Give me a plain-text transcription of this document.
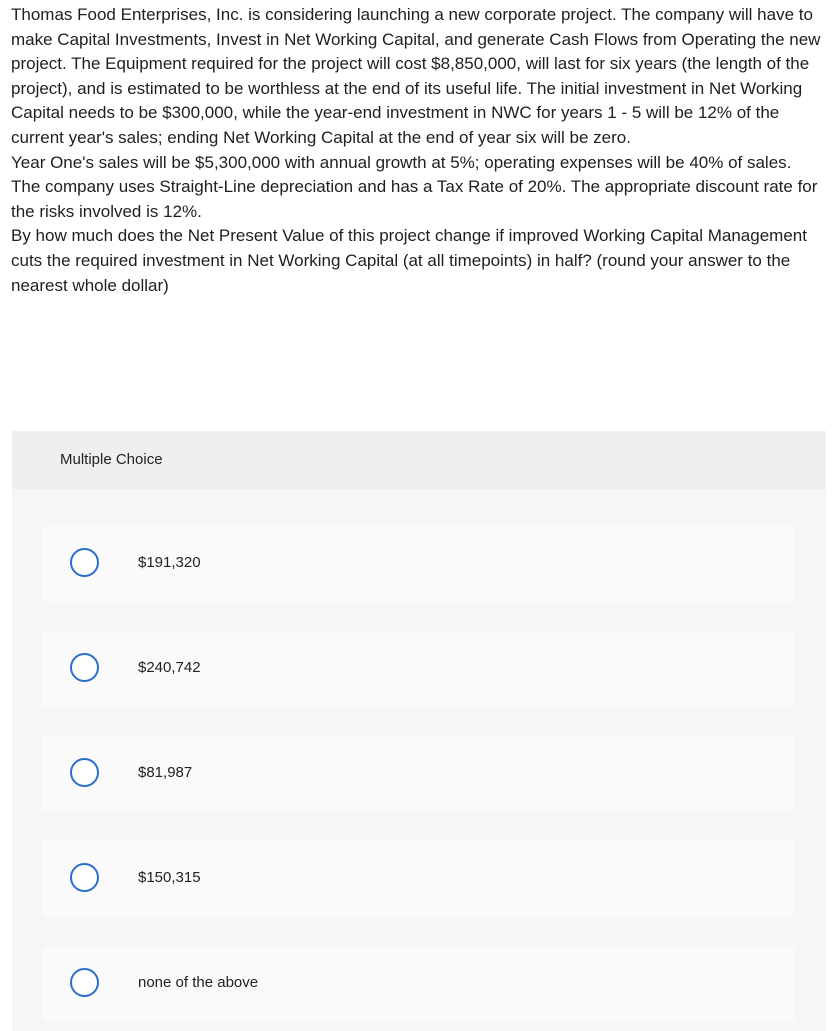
Thomas Food Enterprises, Inc. is considering launching a new corporate project. The company will have to make Capital Investments, Invest in Net Working Capital, and generate Cash Flows from Operating the new project. The Equipment required for the project will cost $8,850,000, will last for six years (the length of the project), and is estimated to be worthless at the end of its useful life. The initial investment in Net Working Capital needs to be $300,000, while the year-end investment in NWC for years 1 - 5 will be 12% of the current year's sales; ending Net Working Capital at the end of year six will be zero.

Year One's sales will be $5,300,000 with annual growth at 5%; operating expenses will be 40% of sales.

The company uses Straight-Line depreciation and has a Tax Rate of 20%. The appropriate discount rate for the risks involved is 12%.

By how much does the Net Present Value of this project change if improved Working Capital Management cuts the required investment in Net Working Capital (at all timepoints) in half? (round your answer to the nearest whole dollar)

Multiple Choice
$191,320
$240,742
$81,987
$150,315
none of the above
